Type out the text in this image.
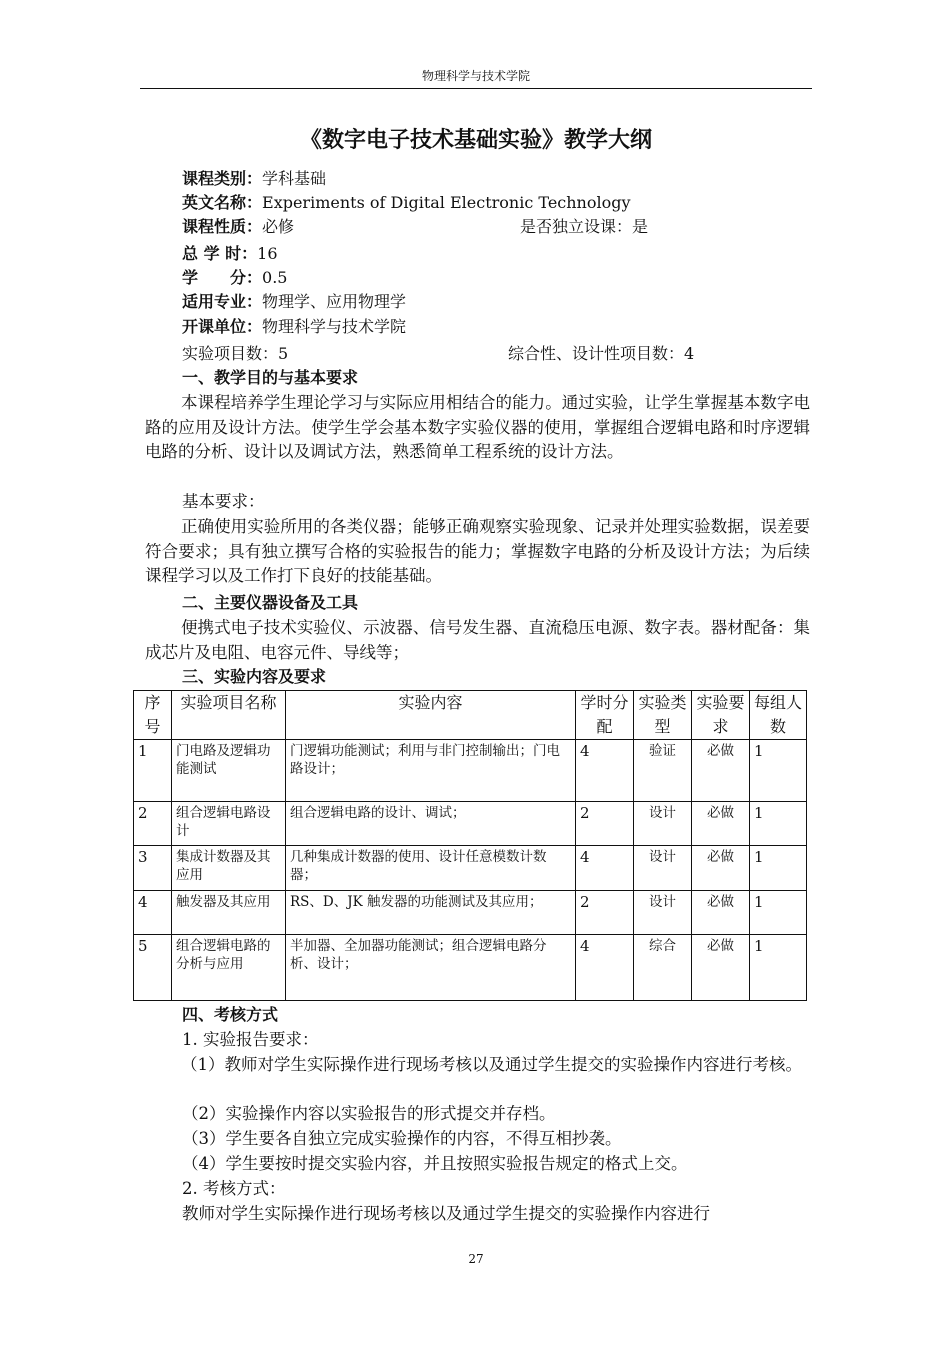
物理科学与技术学院
《数字电子技术基础实验》教学大纲
课程类别：学科基础
英文名称：Experiments of Digital Electronic Technology
课程性质：必修	是否独立设课：是
总 学 时：16
学　　分：0.5
适用专业：物理学、应用物理学
开课单位：物理科学与技术学院
实验项目数：5	综合性、设计性项目数：4
一、教学目的与基本要求

本课程培养学生理论学习与实际应用相结合的能力。通过实验，让学生掌握基本数字电路的应用及设计方法。使学生学会基本数字实验仪器的使用，掌握组合逻辑电路和时序逻辑电路的分析、设计以及调试方法，熟悉简单工程系统的设计方法。

基本要求：

正确使用实验所用的各类仪器；能够正确观察实验现象、记录并处理实验数据，误差要符合要求；具有独立撰写合格的实验报告的能力；掌握数字电路的分析及设计方法；为后续课程学习以及工作打下良好的技能基础。

二、主要仪器设备及工具

便携式电子技术实验仪、示波器、信号发生器、直流稳压电源、数字表。器材配备：集成芯片及电阻、电容元件、导线等；

三、实验内容及要求
序号	实验项目名称	实验内容	学时分配	实验类型	实验要求	每组人数
1	门电路及逻辑功能测试	门逻辑功能测试；利用与非门控制输出；门电路设计；	4	验证	必做	1
2	组合逻辑电路设计	组合逻辑电路的设计、调试；	2	设计	必做	1
3	集成计数器及其应用	几种集成计数器的使用、设计任意模数计数器；	4	设计	必做	1
4	触发器及其应用	RS、D、JK 触发器的功能测试及其应用；	2	设计	必做	1
5	组合逻辑电路的分析与应用	半加器、全加器功能测试；组合逻辑电路分析、设计；	4	综合	必做	1
四、考核方式
1. 实验报告要求：

（1）教师对学生实际操作进行现场考核以及通过学生提交的实验操作内容进行考核。

（2）实验操作内容以实验报告的形式提交并存档。
（3）学生要各自独立完成实验操作的内容，不得互相抄袭。
（4）学生要按时提交实验内容，并且按照实验报告规定的格式上交。
2. 考核方式：
教师对学生实际操作进行现场考核以及通过学生提交的实验操作内容进行
27
